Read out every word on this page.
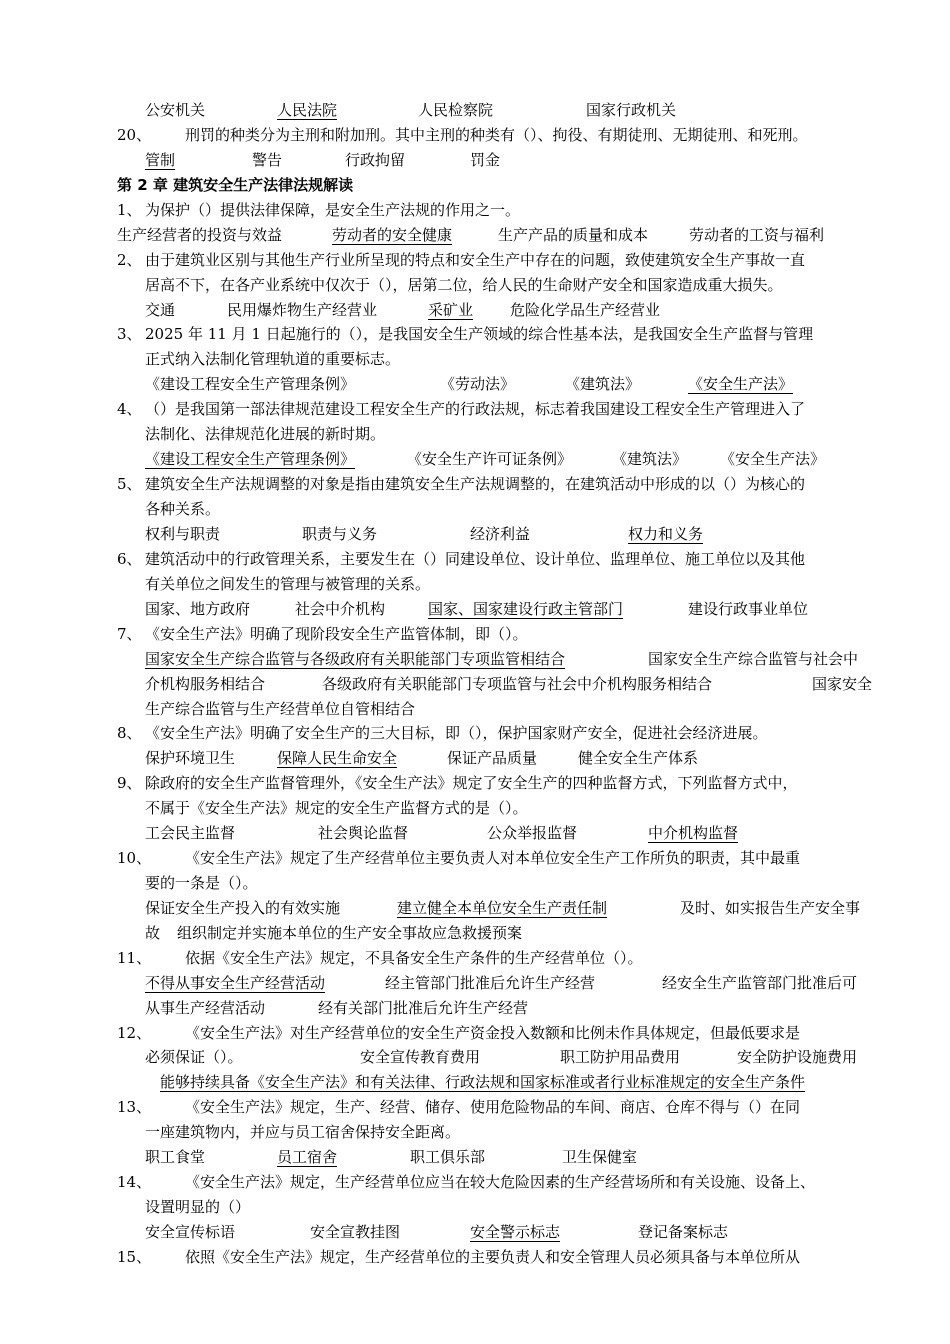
公安机关	人民法院	人民检察院	国家行政机关
20、 刑罚的种类分为主刑和附加刑。其中主刑的种类有（）、拘役、有期徒刑、无期徒刑、和死刑。
管制	警告	行政拘留	罚金
第 2 章 建筑安全生产法律法规解读
1、 为保护（）提供法律保障，是安全生产法规的作用之一。
生产经营者的投资与效益	劳动者的安全健康	生产产品的质量和成本	劳动者的工资与福利
2、 由于建筑业区别与其他生产行业所呈现的特点和安全生产中存在的问题，致使建筑安全生产事故一直
居高不下，在各产业系统中仅次于（），居第二位，给人民的生命财产安全和国家造成重大损失。
交通	民用爆炸物生产经营业	采矿业 危险化学品生产经营业
3、 2025 年 11 月 1 日起施行的（），是我国安全生产领域的综合性基本法，是我国安全生产监督与管理
正式纳入法制化管理轨道的重要标志。
《建设工程安全生产管理条例》	《劳动法》	《建筑法》	《安全生产法》
4、 （）是我国第一部法律规范建设工程安全生产的行政法规，标志着我国建设工程安全生产管理进入了
法制化、法律规范化进展的新时期。
《建设工程安全生产管理条例》	《安全生产许可证条例》	《建筑法》 《安全生产法》
5、 建筑安全生产法规调整的对象是指由建筑安全生产法规调整的，在建筑活动中形成的以（）为核心的
各种关系。
权利与职责	职责与义务	经济利益	权力和义务
6、 建筑活动中的行政管理关系，主要发生在（）同建设单位、设计单位、监理单位、施工单位以及其他
有关单位之间发生的管理与被管理的关系。
国家、地方政府	社会中介机构	国家、国家建设行政主管部门	建设行政事业单位
7、 《安全生产法》明确了现阶段安全生产监管体制，即（）。
国家安全生产综合监管与各级政府有关职能部门专项监管相结合	国家安全生产综合监管与社会中
介机构服务相结合	各级政府有关职能部门专项监管与社会中介机构服务相结合	国家安全
生产综合监管与生产经营单位自管相结合
8、 《安全生产法》明确了安全生产的三大目标，即（），保护国家财产安全，促进社会经济进展。
保护环境卫生	保障人民生命安全	保证产品质量	健全安全生产体系
9、 除政府的安全生产监督管理外，《安全生产法》规定了安全生产的四种监督方式，下列监督方式中，
不属于《安全生产法》规定的安全生产监督方式的是（）。
工会民主监督	社会舆论监督	公众举报监督	中介机构监督
10、 《安全生产法》规定了生产经营单位主要负责人对本单位安全生产工作所负的职责，其中最重
要的一条是（）。
保证安全生产投入的有效实施	建立健全本单位安全生产责任制	及时、如实报告生产安全事
故 组织制定并实施本单位的生产安全事故应急救援预案
11、 依据《安全生产法》规定，不具备安全生产条件的生产经营单位（）。
不得从事安全生产经营活动	经主管部门批准后允许生产经营	经安全生产监管部门批准后可
从事生产经营活动	经有关部门批准后允许生产经营
12、 《安全生产法》对生产经营单位的安全生产资金投入数额和比例未作具体规定，但最低要求是
必须保证（）。	安全宣传教育费用	职工防护用品费用	安全防护设施费用
能够持续具备《安全生产法》和有关法律、行政法规和国家标准或者行业标准规定的安全生产条件
13、 《安全生产法》规定，生产、经营、储存、使用危险物品的车间、商店、仓库不得与（）在同
一座建筑物内，并应与员工宿舍保持安全距离。
职工食堂	员工宿舍	职工俱乐部	卫生保健室
14、 《安全生产法》规定，生产经营单位应当在较大危险因素的生产经营场所和有关设施、设备上、
设置明显的（）
安全宣传标语	安全宣教挂图	安全警示标志	登记备案标志
15、 依照《安全生产法》规定，生产经营单位的主要负责人和安全管理人员必须具备与本单位所从
